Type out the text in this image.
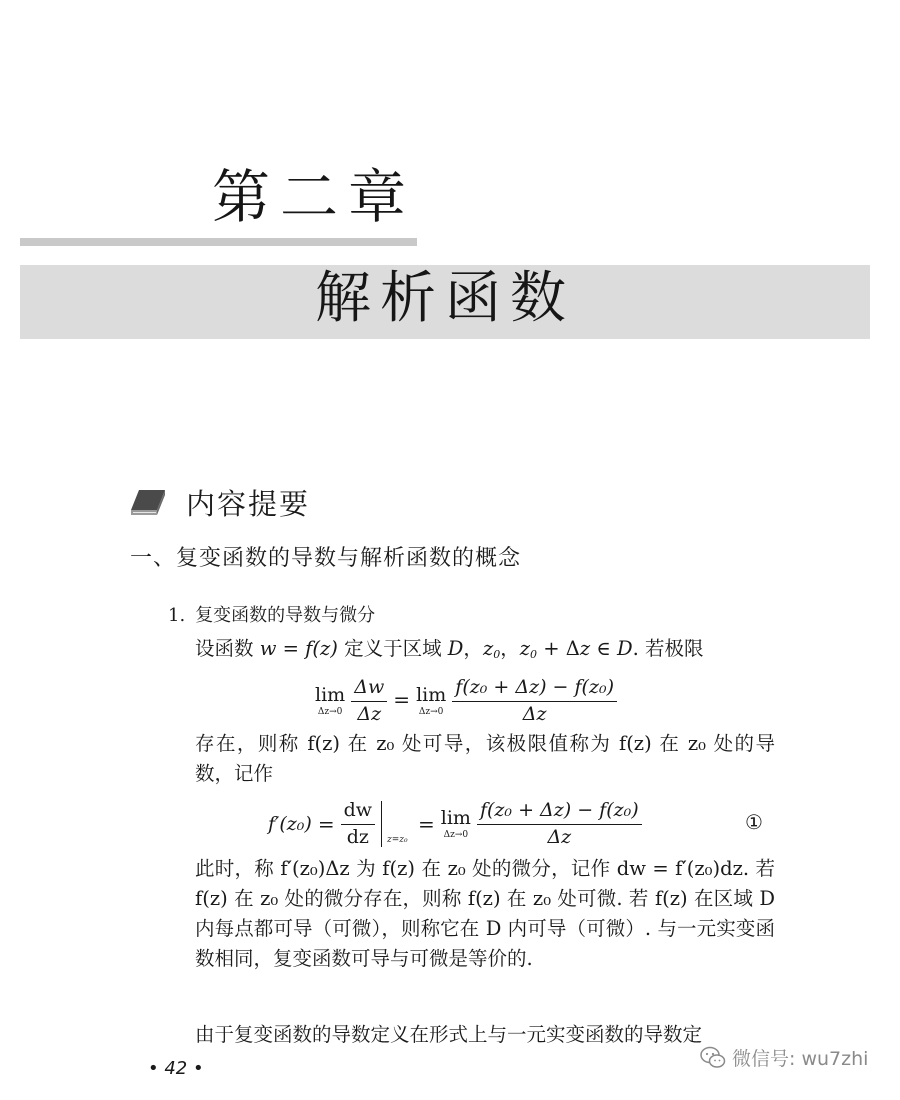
第二章
解析函数
内容提要
一、复变函数的导数与解析函数的概念
1. 复变函数的导数与微分
设函数 w = f(z) 定义于区域 D，$z_0$，$z_0 + \Delta z$ ∈ D. 若极限
lim
Δz→0
$\frac{\Delta w}{\Delta z} = \lim$
Δz→0
$\frac{\text{f(z₀ + Δz) − f(z₀)}}{\Delta z}$
存在，则称 f(z) 在 z₀ 处可导，该极限值称为 f(z) 在 z₀ 处的导数，记作
$f'(z_0) = \frac{dw}{dz} z=z_0$
= lim
$\Delta z\to 0 \frac{\text{f(z₀ + Δz) − f(z₀)}}{\Delta z}$	①
此时，称 f′(z₀)Δz 为 f(z) 在 z₀ 处的微分，记作 dw = f′(z₀)dz. 若 f(z) 在 z₀ 处的微分存在，则称 f(z) 在 z₀ 处可微. 若 f(z) 在区域 D 内每点都可导（可微），则称它在 D 内可导（可微）. 与一元实变函数相同，复变函数可导与可微是等价的.
由于复变函数的导数定义在形式上与一元实变函数的导数定
• 42 •	微信号: wu7zhi
